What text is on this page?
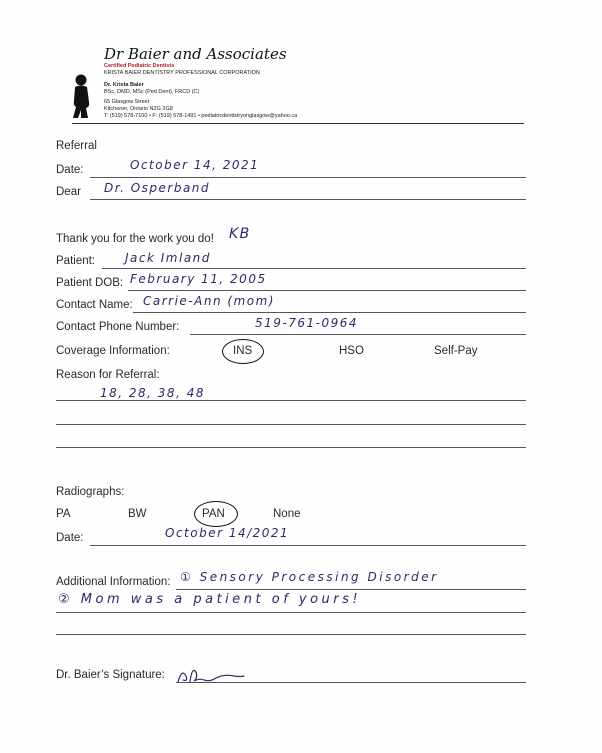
Dr Baier and Associates
Certified Pediatric Dentists
KRISTA BAIER DENTISTRY PROFESSIONAL CORPORATION
Dr. Krista Baier
BSc, DMD, MSc (Ped Dent), FRCD (C)
65 Glasgow Street
Kitchener, Ontario N2G 2G8
T: (519) 578-7100 • F: (519) 578-1491 • pediatricdentistryonglasgow@yahoo.ca
Referral
Date:	October 14, 2021
Dear Dr. Osperband
Thank you for the work you do! KB
Patient:	Jack Imland
Patient DOB: February 11, 2005
Contact Name: Carrie-Ann (mom)
Contact Phone Number:	519-761-0964
Coverage Information:	INS	HSO	Self-Pay
Reason for Referral:
18, 28, 38, 48
Radiographs:
PA	BW	PAN	None
Date:	October 14/2021
Additional Information: ① Sensory Processing Disorder
② Mom was a patient of yours!
Dr. Baier’s Signature:
